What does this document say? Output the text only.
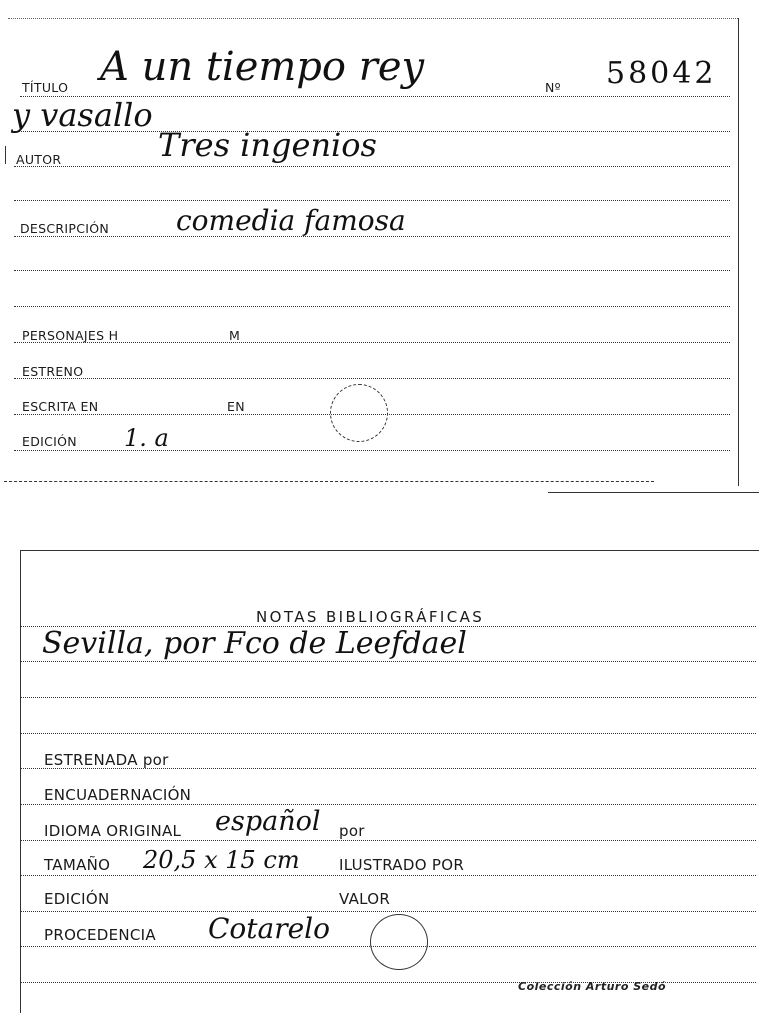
TÍTULO A un tiempo rey	Nº 58042
y vasallo
AUTOR	Tres ingenios
DESCRIPCIÓN comedia famosa
PERSONAJES H	M
ESTRENO
ESCRITA EN	EN
EDICIÓN 1. a
NOTAS BIBLIOGRÁFICAS
Sevilla, por Fco de Leefdael
ESTRENADA por
ENCUADERNACIÓN
IDIOMA ORIGINAL español por
TAMAÑO 20,5 x 15 cm	ILUSTRADO POR
EDICIÓN	VALOR
PROCEDENCIA Cotarelo
Colección Arturo Sedó
